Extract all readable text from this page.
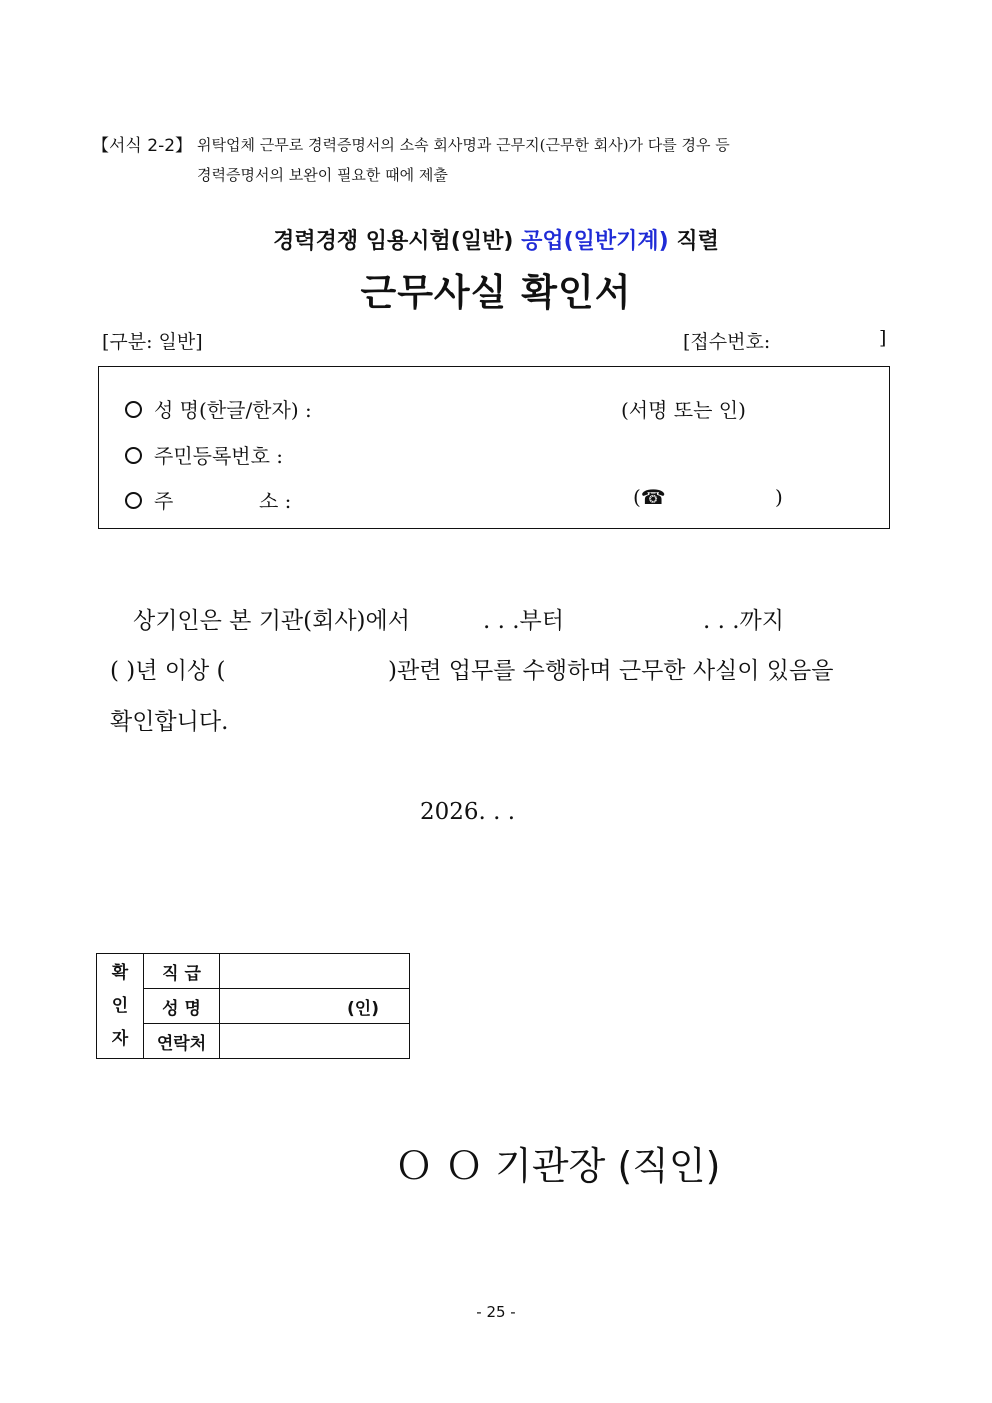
【서식 2-2】 위탁업체 근무로 경력증명서의 소속 회사명과 근무지(근무한 회사)가 다를 경우 등
경력증명서의 보완이 필요한 때에 제출
경력경쟁 임용시험(일반) 공업(일반기계) 직렬
근무사실 확인서
[구분: 일반]	[접수번호:	]
성 명(한글/한자) :	(서명 또는 인)
주민등록번호 :
주	소 :	(☎	)
상기인은 본 기관(회사)에서	. . .부터	. . .까지
( )년 이상 (	)관련 업무를 수행하며 근무한 사실이 있음을
확인합니다.
2026. . .
확
인
자	직 급	
	성 명	(인)
	연락처	
Ｏ Ｏ 기관장 (직인)
- 25 -
